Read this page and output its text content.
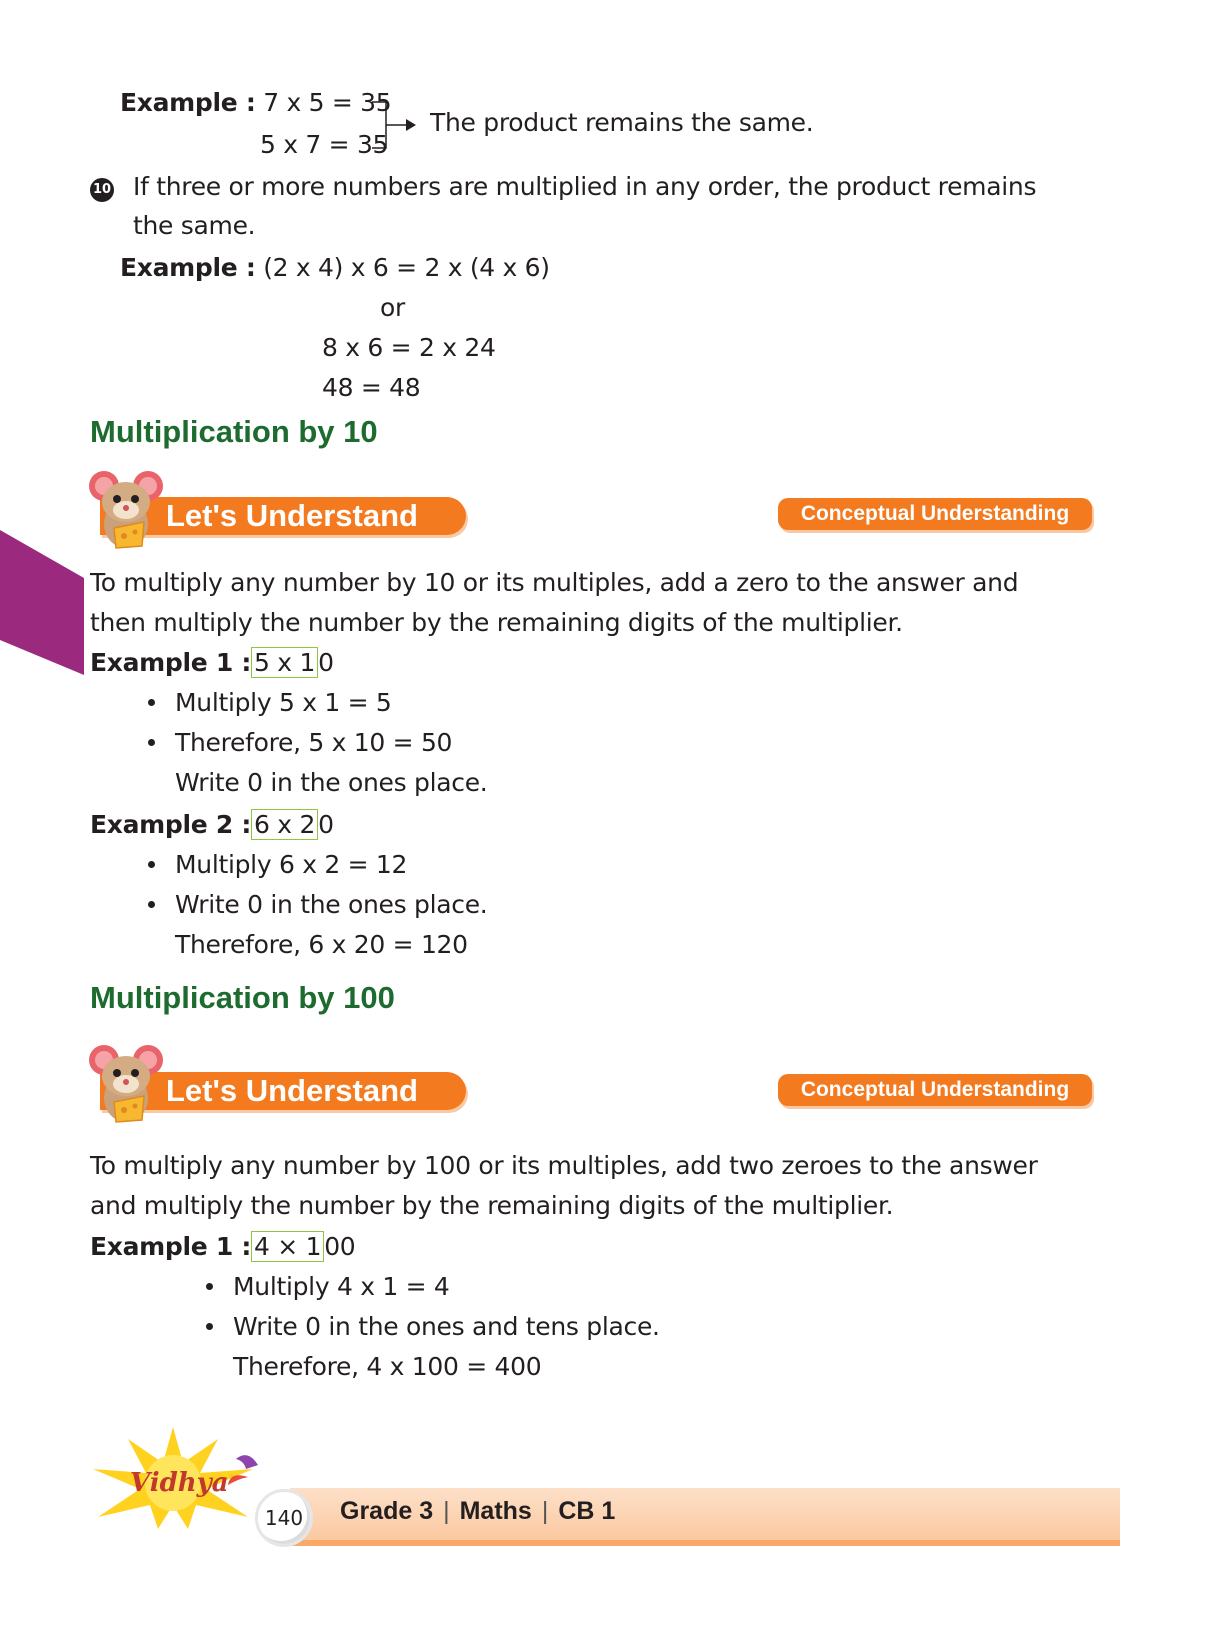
Example : 7 x 5 = 35
5 x 7 = 35
The product remains the same.
10 If three or more numbers are multiplied in any order, the product remains
the same.
Example : (2 x 4) x 6 = 2 x (4 x 6)
or
8 x 6 = 2 x 24
48 = 48
Multiplication by 10
Let's Understand	Conceptual Understanding
To multiply any number by 10 or its multiples, add a zero to the answer and
then multiply the number by the remaining digits of the multiplier.
Example 1 : 5 x 1 0
Multiply 5 x 1 = 5
Therefore, 5 x 10 = 50
Write 0 in the ones place.
Example 2 : 6 x 2 0
Multiply 6 x 2 = 12
Write 0 in the ones place.
Therefore, 6 x 20 = 120
Multiplication by 100
Let's Understand	Conceptual Understanding
To multiply any number by 100 or its multiples, add two zeroes to the answer
and multiply the number by the remaining digits of the multiplier.
Example 1 : 4 × 1 00
Multiply 4 x 1 = 4
Write 0 in the ones and tens place.
Therefore, 4 x 100 = 400
Vidhya
140	Grade 3 | Maths | CB 1
